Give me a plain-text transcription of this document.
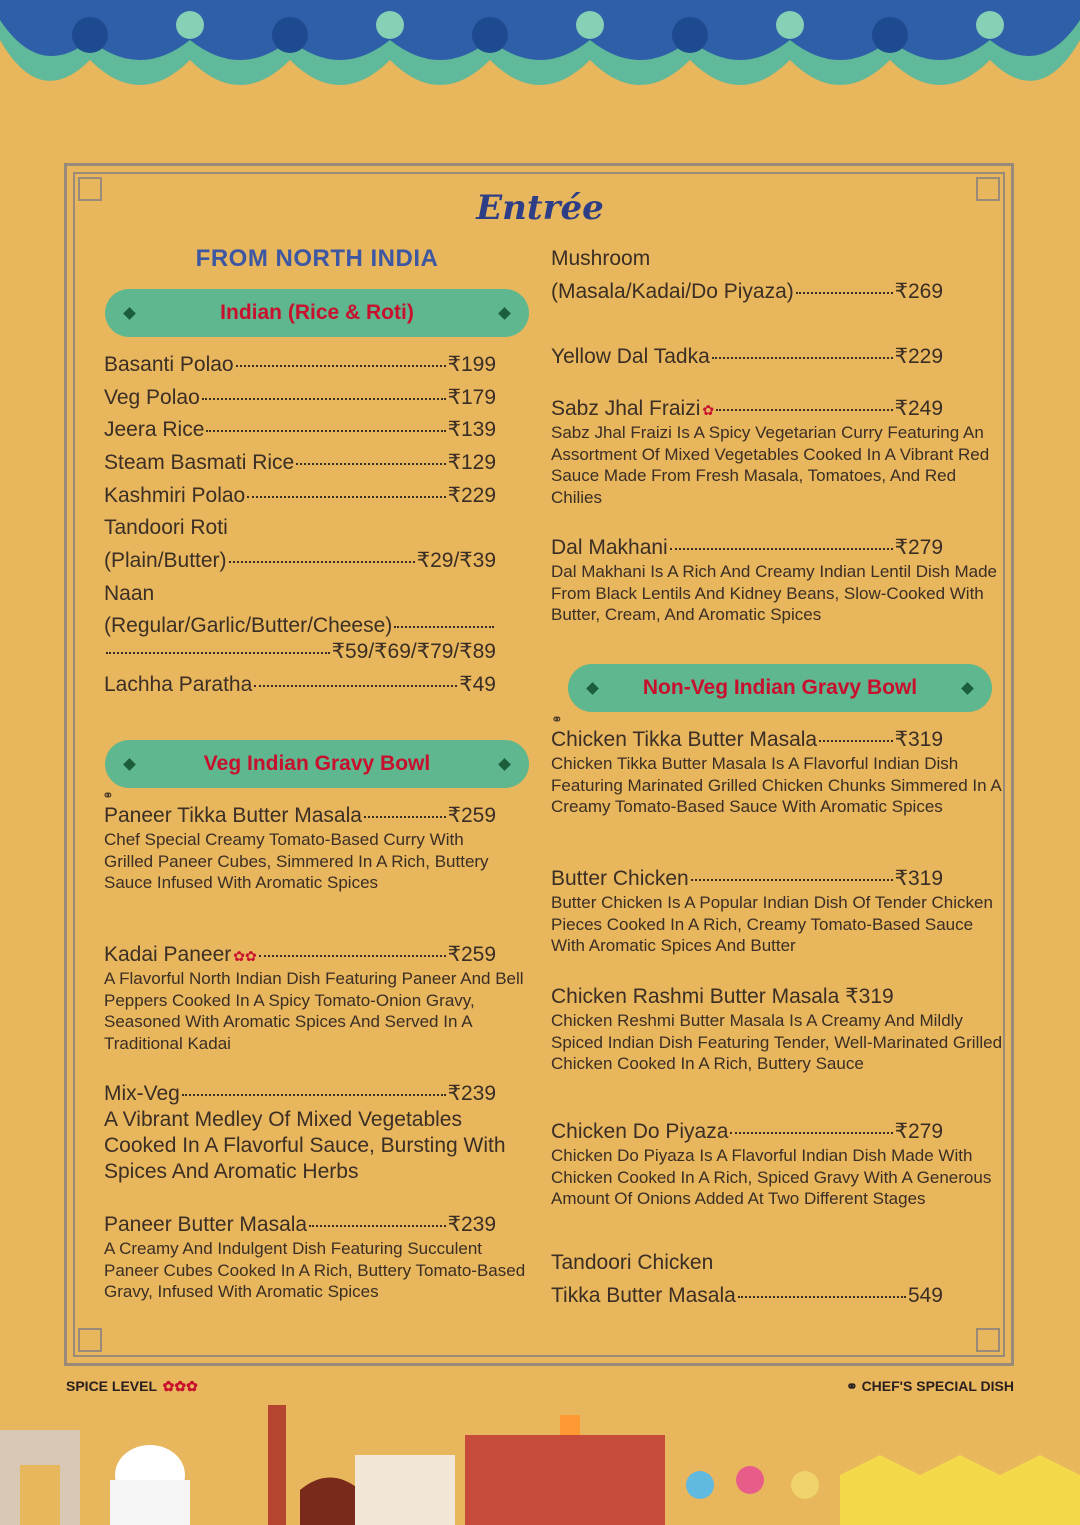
Entrée
FROM NORTH INDIA
Indian (Rice & Roti)
Basanti Polao	₹199
Veg Polao	₹179
Jeera Rice	₹139
Steam Basmati Rice	₹129
Kashmiri Polao	₹229
Tandoori Roti
(Plain/Butter)	₹29/₹39
Naan
(Regular/Garlic/Butter/Cheese)
₹59/₹69/₹79/₹89
Lachha Paratha	₹49
Veg Indian Gravy Bowl
⚭
Paneer Tikka Butter Masala	₹259
Chef Special Creamy Tomato-Based Curry With Grilled Paneer Cubes, Simmered In A Rich, Buttery Sauce Infused With Aromatic Spices
Kadai Paneer ✿✿	₹259
A Flavorful North Indian Dish Featuring Paneer And Bell Peppers Cooked In A Spicy Tomato-Onion Gravy, Seasoned With Aromatic Spices And Served In A Traditional Kadai
Mix-Veg	₹239
A Vibrant Medley Of Mixed Vegetables Cooked In A Flavorful Sauce, Bursting With Spices And Aromatic Herbs
Paneer Butter Masala	₹239
A Creamy And Indulgent Dish Featuring Succulent Paneer Cubes Cooked In A Rich, Buttery Tomato-Based Gravy, Infused With Aromatic Spices
Mushroom
(Masala/Kadai/Do Piyaza)	₹269
Yellow Dal Tadka	₹229
Sabz Jhal Fraizi ✿	₹249
Sabz Jhal Fraizi Is A Spicy Vegetarian Curry Featuring An Assortment Of Mixed Vegetables Cooked In A Vibrant Red Sauce Made From Fresh Masala, Tomatoes, And Red Chilies
Dal Makhani	₹279
Dal Makhani Is A Rich And Creamy Indian Lentil Dish Made From Black Lentils And Kidney Beans, Slow-Cooked With Butter, Cream, And Aromatic Spices
Non-Veg Indian Gravy Bowl
⚭
Chicken Tikka Butter Masala	₹319
Chicken Tikka Butter Masala Is A Flavorful Indian Dish Featuring Marinated Grilled Chicken Chunks Simmered In A Creamy Tomato-Based Sauce With Aromatic Spices
Butter Chicken	₹319
Butter Chicken Is A Popular Indian Dish Of Tender Chicken Pieces Cooked In A Rich, Creamy Tomato-Based Sauce With Aromatic Spices And Butter
Chicken Rashmi Butter Masala ₹319
Chicken Reshmi Butter Masala Is A Creamy And Mildly Spiced Indian Dish Featuring Tender, Well-Marinated Grilled Chicken Cooked In A Rich, Buttery Sauce
Chicken Do Piyaza	₹279
Chicken Do Piyaza Is A Flavorful Indian Dish Made With Chicken Cooked In A Rich, Spiced Gravy With A Generous Amount Of Onions Added At Two Different Stages
Tandoori Chicken
Tikka Butter Masala	549
SPICE LEVEL ✿✿✿	⚭ CHEF'S SPECIAL DISH
